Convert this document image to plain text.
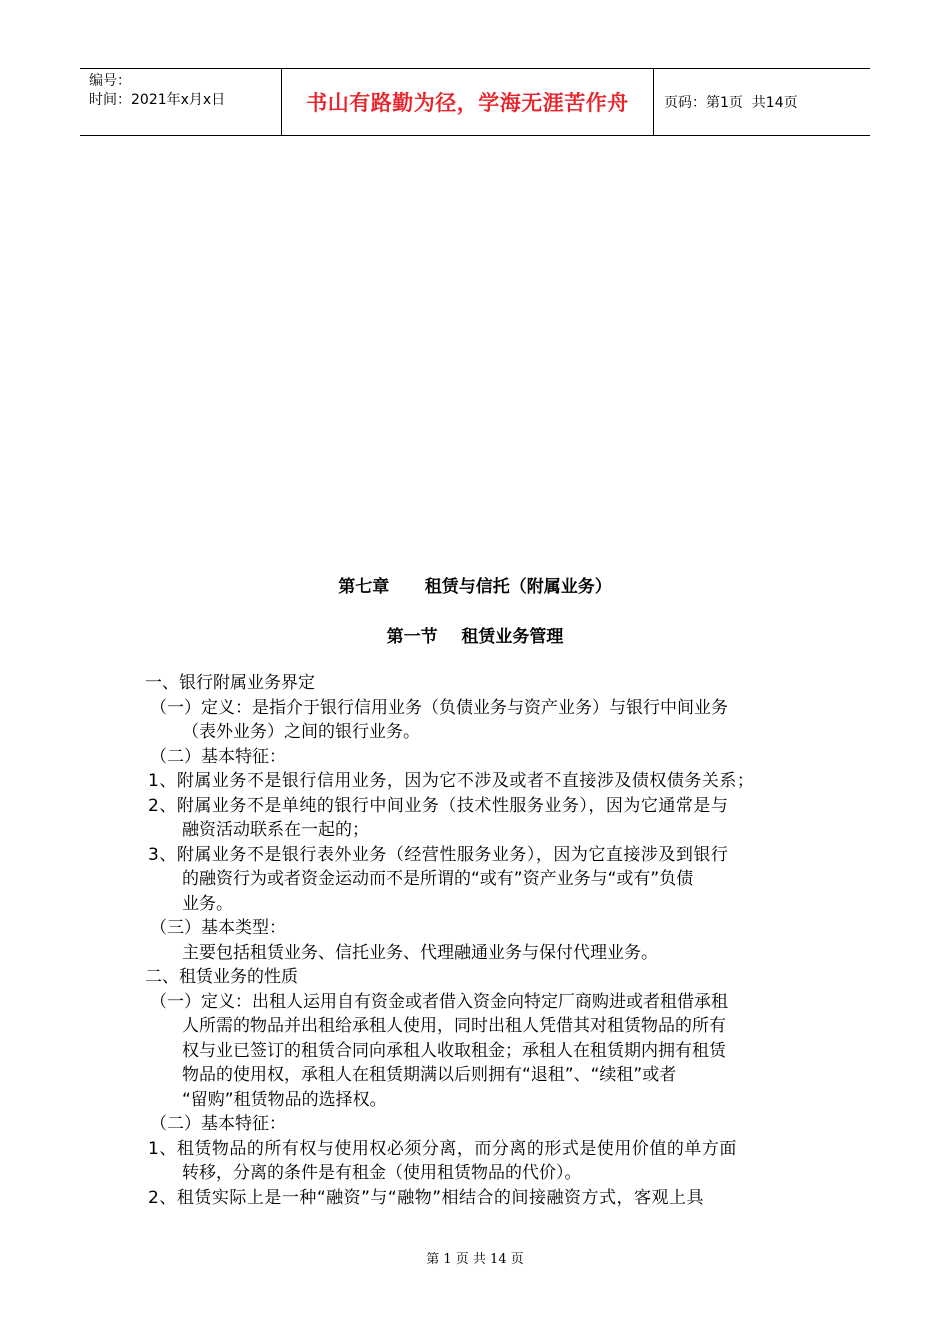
编号：
时间：2021年x月x日	书山有路勤为径，学海无涯苦作舟	页码：第1页  共14页
第七章      租赁与信托（附属业务）
第一节    租赁业务管理
一、银行附属业务界定
（一）定义：是指介于银行信用业务（负债业务与资产业务）与银行中间业务
（表外业务）之间的银行业务。
（二）基本特征：
1、附属业务不是银行信用业务，因为它不涉及或者不直接涉及债权债务关系；
2、附属业务不是单纯的银行中间业务（技术性服务业务），因为它通常是与
融资活动联系在一起的；
3、附属业务不是银行表外业务（经营性服务业务），因为它直接涉及到银行
的融资行为或者资金运动而不是所谓的“或有”资产业务与“或有”负债
业务。
（三）基本类型：
主要包括租赁业务、信托业务、代理融通业务与保付代理业务。
二、租赁业务的性质
（一）定义：出租人运用自有资金或者借入资金向特定厂商购进或者租借承租
人所需的物品并出租给承租人使用，同时出租人凭借其对租赁物品的所有
权与业已签订的租赁合同向承租人收取租金；承租人在租赁期内拥有租赁
物品的使用权，承租人在租赁期满以后则拥有“退租”、“续租”或者
“留购”租赁物品的选择权。
（二）基本特征：
1、租赁物品的所有权与使用权必须分离，而分离的形式是使用价值的单方面
转移，分离的条件是有租金（使用租赁物品的代价）。
2、租赁实际上是一种“融资”与“融物”相结合的间接融资方式，客观上具
第 1 页 共 14 页
